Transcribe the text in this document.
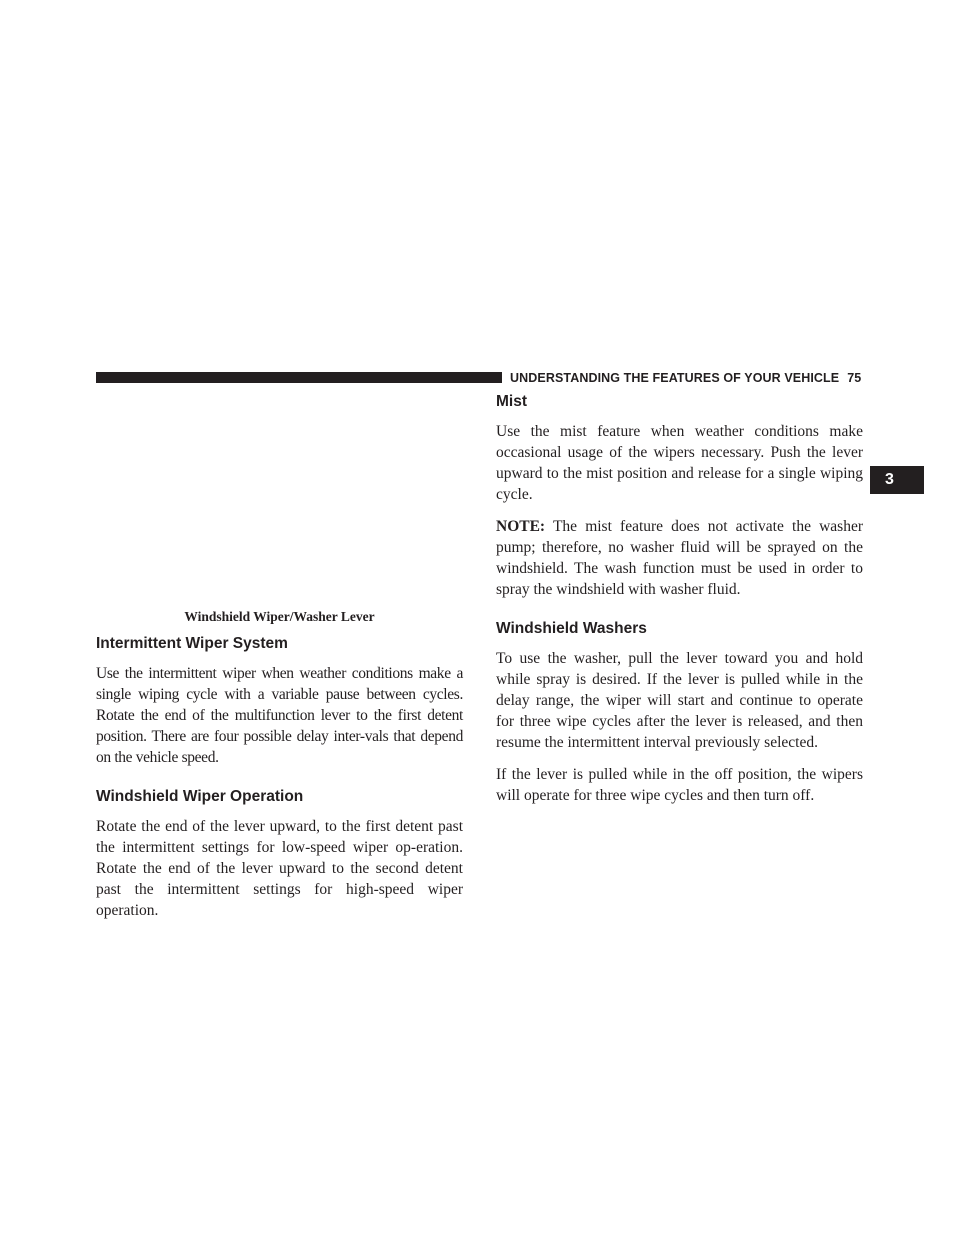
UNDERSTANDING THE FEATURES OF YOUR VEHICLE 75
3
Windshield Wiper/Washer Lever
Intermittent Wiper System

Use the intermittent wiper when weather conditions make a single wiping cycle with a variable pause between cycles. Rotate the end of the multifunction lever to the first detent position. There are four possible delay inter-vals that depend on the vehicle speed.

Windshield Wiper Operation

Rotate the end of the lever upward, to the first detent past the intermittent settings for low-speed wiper op-eration. Rotate the end of the lever upward to the second detent past the intermittent settings for high-speed wiper operation.

Mist

Use the mist feature when weather conditions make occasional usage of the wipers necessary. Push the lever upward to the mist position and release for a single wiping cycle.

NOTE: The mist feature does not activate the washer pump; therefore, no washer fluid will be sprayed on the windshield. The wash function must be used in order to spray the windshield with washer fluid.

Windshield Washers

To use the washer, pull the lever toward you and hold while spray is desired. If the lever is pulled while in the delay range, the wiper will start and continue to operate for three wipe cycles after the lever is released, and then resume the intermittent interval previously selected.

If the lever is pulled while in the off position, the wipers will operate for three wipe cycles and then turn off.
